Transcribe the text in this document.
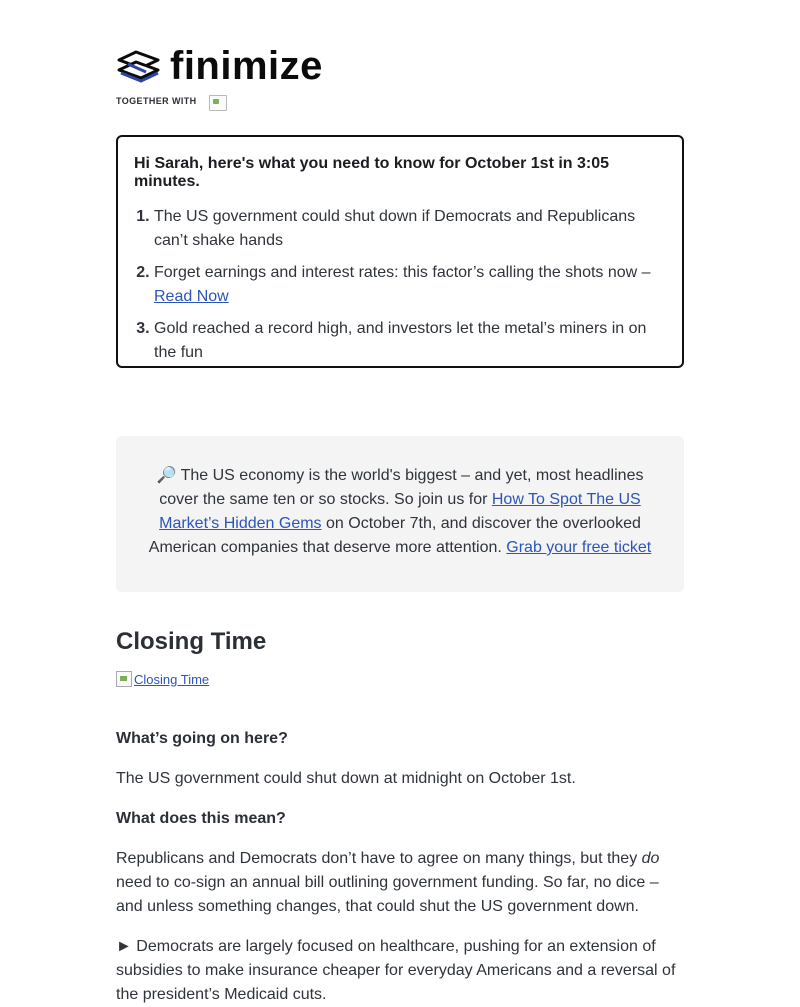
finimize
TOGETHER WITH

Hi Sarah, here's what you need to know for October 1st in 3:05 minutes.

1. The US government could shut down if Democrats and Republicans can’t shake hands
2. Forget earnings and interest rates: this factor’s calling the shots now – Read Now
3. Gold reached a record high, and investors let the metal’s miners in on the fun
🔎 The US economy is the world's biggest – and yet, most headlines cover the same ten or so stocks. So join us for How To Spot The US Market’s Hidden Gems on October 7th, and discover the overlooked American companies that deserve more attention. Grab your free ticket
Closing Time
Closing Time
What’s going on here?
The US government could shut down at midnight on October 1st.
What does this mean?
Republicans and Democrats don’t have to agree on many things, but they do need to co-sign an annual bill outlining government funding. So far, no dice – and unless something changes, that could shut the US government down.
► Democrats are largely focused on healthcare, pushing for an extension of subsidies to make insurance cheaper for everyday Americans and a reversal of the president’s Medicaid cuts.
